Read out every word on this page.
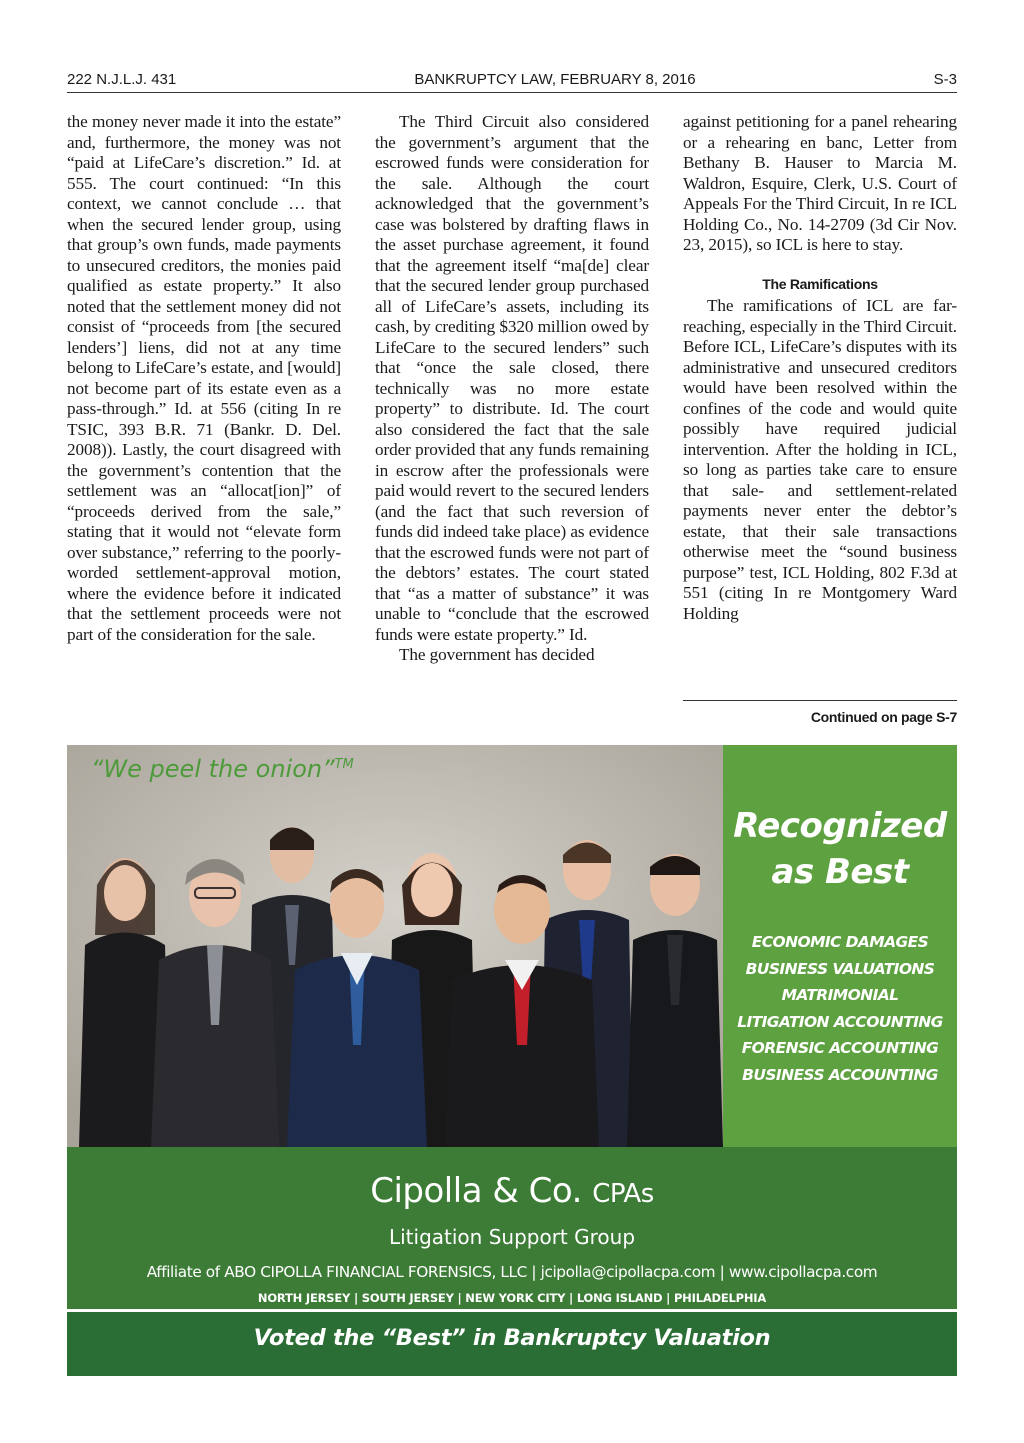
222 N.J.L.J. 431	BANKRUPTCY LAW, FEBRUARY 8, 2016	S-3

the money never made it into the estate” and, furthermore, the money was not “paid at LifeCare’s discretion.” Id. at 555. The court continued: “In this context, we cannot conclude … that when the secured lender group, using that group’s own funds, made payments to unsecured creditors, the monies paid qualified as estate property.” It also noted that the settlement money did not consist of “proceeds from [the secured lenders’] liens, did not at any time belong to LifeCare’s estate, and [would] not become part of its estate even as a pass-through.” Id. at 556 (citing In re TSIC, 393 B.R. 71 (Bankr. D. Del. 2008)). Lastly, the court disagreed with the government’s contention that the settlement was an “allocat[ion]” of “proceeds derived from the sale,” stating that it would not “elevate form over substance,” referring to the poorly-worded settlement-approval motion, where the evidence before it indicated that the settlement proceeds were not part of the consideration for the sale.

The Third Circuit also considered the government’s argument that the escrowed funds were consideration for the sale. Although the court acknowledged that the government’s case was bolstered by drafting flaws in the asset purchase agreement, it found that the agreement itself “ma[de] clear that the secured lender group purchased all of LifeCare’s assets, including its cash, by crediting $320 million owed by LifeCare to the secured lenders” such that “once the sale closed, there technically was no more estate property” to distribute. Id. The court also considered the fact that the sale order provided that any funds remaining in escrow after the professionals were paid would revert to the secured lenders (and the fact that such reversion of funds did indeed take place) as evidence that the escrowed funds were not part of the debtors’ estates. The court stated that “as a matter of substance” it was unable to “conclude that the escrowed funds were estate property.” Id.

The government has decided

against petitioning for a panel rehearing or a rehearing en banc, Letter from Bethany B. Hauser to Marcia M. Waldron, Esquire, Clerk, U.S. Court of Appeals For the Third Circuit, In re ICL Holding Co., No. 14-2709 (3d Cir Nov. 23, 2015), so ICL is here to stay.

The Ramifications

The ramifications of ICL are far-reaching, especially in the Third Circuit. Before ICL, LifeCare’s disputes with its administrative and unsecured creditors would have been resolved within the confines of the code and would quite possibly have required judicial intervention. After the holding in ICL, so long as parties take care to ensure that sale- and settlement-related payments never enter the debtor’s estate, that their sale transactions otherwise meet the “sound business purpose” test, ICL Holding, 802 F.3d at 551 (citing In re Montgomery Ward Holding

Continued on page S-7
“We peel the onion”™
Recognized
as Best
ECONOMIC DAMAGES
BUSINESS VALUATIONS
MATRIMONIAL
LITIGATION ACCOUNTING
FORENSIC ACCOUNTING
BUSINESS ACCOUNTING
Cipolla & Co. CPAs
Litigation Support Group
Affiliate of ABO CIPOLLA FINANCIAL FORENSICS, LLC | jcipolla@cipollacpa.com | www.cipollacpa.com
NORTH JERSEY | SOUTH JERSEY | NEW YORK CITY | LONG ISLAND | PHILADELPHIA
Voted the “Best” in Bankruptcy Valuation
